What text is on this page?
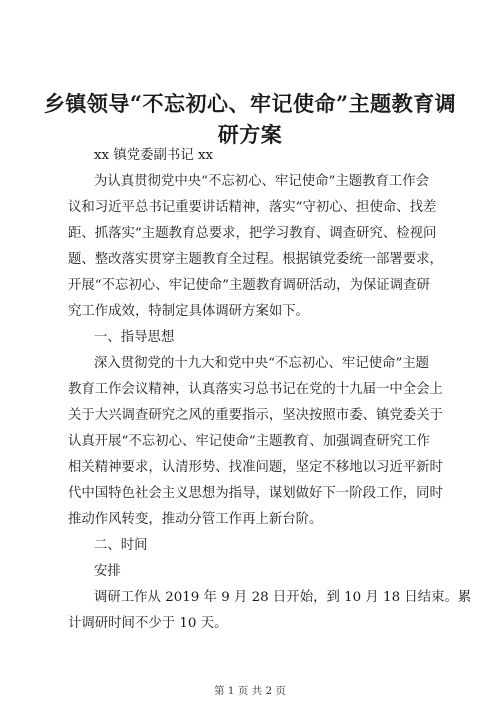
乡镇领导“不忘初心、牢记使命”主题教育调
研方案
xx 镇党委副书记 xx
为认真贯彻党中央“不忘初心、牢记使命”主题教育工作会
议和习近平总书记重要讲话精神，落实“守初心、担使命、找差
距、抓落实”主题教育总要求，把学习教育、调查研究、检视问
题、整改落实贯穿主题教育全过程。根据镇党委统一部署要求，
开展“不忘初心、牢记使命”主题教育调研活动，为保证调查研
究工作成效，特制定具体调研方案如下。
一、指导思想
深入贯彻党的十九大和党中央“不忘初心、牢记使命”主题
教育工作会议精神，认真落实习总书记在党的十九届一中全会上
关于大兴调查研究之风的重要指示，坚决按照市委、镇党委关于
认真开展“不忘初心、牢记使命”主题教育、加强调查研究工作
相关精神要求，认清形势、找准问题，坚定不移地以习近平新时
代中国特色社会主义思想为指导，谋划做好下一阶段工作，同时
推动作风转变，推动分管工作再上新台阶。
二、时间
安排
调研工作从 2019 年 9 月 28 日开始，到 10 月 18 日结束。累
计调研时间不少于 10 天。
第 1 页 共 2 页
